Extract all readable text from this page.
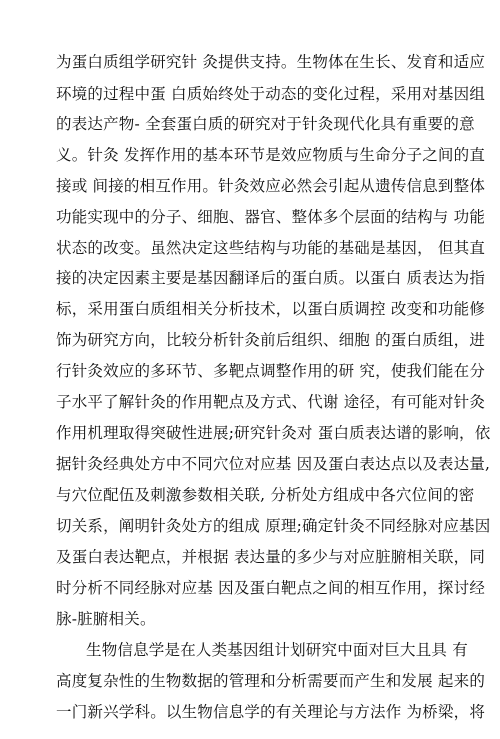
为蛋白质组学研究针 灸提供支持。生物体在生长、发育和适应
环境的过程中蛋 白质始终处于动态的变化过程，采用对基因组
的表达产物- 全套蛋白质的研究对于针灸现代化具有重要的意
义。针灸 发挥作用的基本环节是效应物质与生命分子之间的直
接或 间接的相互作用。针灸效应必然会引起从遗传信息到整体
功能实现中的分子、细胞、器官、整体多个层面的结构与 功能
状态的改变。虽然决定这些结构与功能的基础是基因， 但其直
接的决定因素主要是基因翻译后的蛋白质。以蛋白 质表达为指
标，采用蛋白质组相关分析技术，以蛋白质调控 改变和功能修
饰为研究方向，比较分析针灸前后组织、细胞 的蛋白质组，进
行针灸效应的多环节、多靶点调整作用的研 究，使我们能在分
子水平了解针灸的作用靶点及方式、代谢 途径，有可能对针灸
作用机理取得突破性进展;研究针灸对 蛋白质表达谱的影响，依
据针灸经典处方中不同穴位对应基 因及蛋白表达点以及表达量,
与穴位配伍及刺激参数相关联, 分析处方组成中各穴位间的密
切关系，阐明针灸处方的组成 原理;确定针灸不同经脉对应基因
及蛋白表达靶点，并根据 表达量的多少与对应脏腑相关联，同
时分析不同经脉对应基 因及蛋白靶点之间的相互作用，探讨经
脉-脏腑相关。
生物信息学是在人类基因组计划研究中面对巨大且具 有
高度复杂性的生物数据的管理和分析需要而产生和发展 起来的
一门新兴学科。以生物信息学的有关理论与方法作 为桥梁，将
